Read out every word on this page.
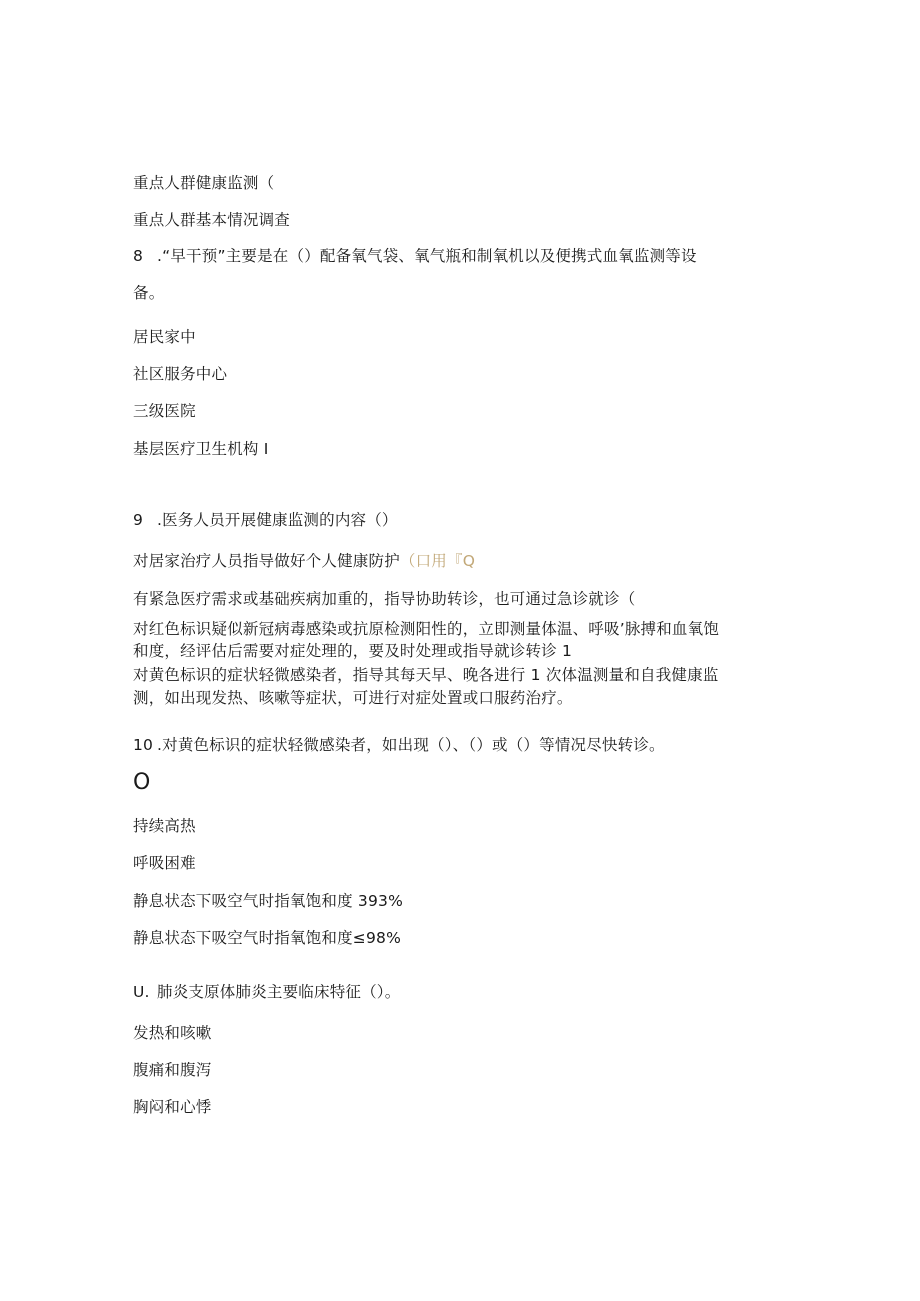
重点人群健康监测（
重点人群基本情况调查
8 .“早干预”主要是在（）配备氧气袋、氧气瓶和制氧机以及便携式血氧监测等设
备。
居民家中
社区服务中心
三级医院
基层医疗卫生机构 I
9 .医务人员开展健康监测的内容（）
对居家治疗人员指导做好个人健康防护（口用『Q
有紧急医疗需求或基础疾病加重的，指导协助转诊，也可通过急诊就诊（
对红色标识疑似新冠病毒感染或抗原检测阳性的，立即测量体温、呼吸’脉搏和血氧饱
和度，经评估后需要对症处理的，要及时处理或指导就诊转诊 1
对黄色标识的症状轻微感染者，指导其每天早、晚各进行 1 次体温测量和自我健康监
测，如出现发热、咳嗽等症状，可进行对症处置或口服药治疗。
10 .对黄色标识的症状轻微感染者，如出现（）、（）或（）等情况尽快转诊。
O
持续高热
呼吸困难
静息状态下吸空气时指氧饱和度 393%
静息状态下吸空气时指氧饱和度≤98%
U. 肺炎支原体肺炎主要临床特征（）。
发热和咳嗽
腹痛和腹泻
胸闷和心悸
